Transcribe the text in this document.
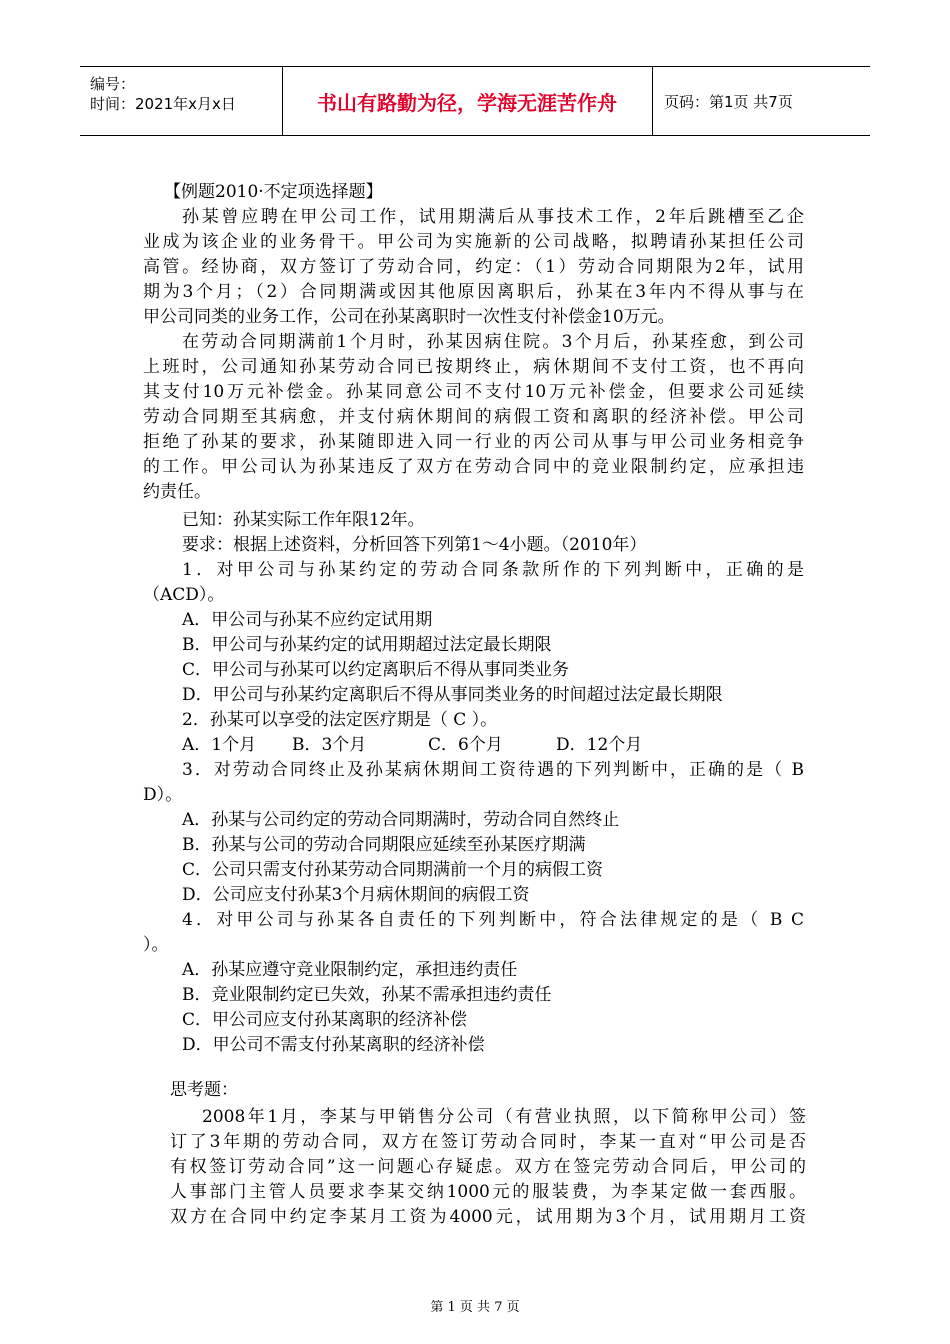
编号：
时间：2021年x月x日	书山有路勤为径，学海无涯苦作舟	页码：第1页 共7页
【例题2010·不定项选择题】
孙某曾应聘在甲公司工作，试用期满后从事技术工作，2年后跳槽至乙企
业成为该企业的业务骨干。甲公司为实施新的公司战略，拟聘请孙某担任公司
高管。经协商，双方签订了劳动合同，约定：（1）劳动合同期限为2年，试用
期为3个月；（2）合同期满或因其他原因离职后，孙某在3年内不得从事与在
甲公司同类的业务工作，公司在孙某离职时一次性支付补偿金10万元。
在劳动合同期满前1个月时，孙某因病住院。3个月后，孙某痊愈，到公司
上班时，公司通知孙某劳动合同已按期终止，病休期间不支付工资，也不再向
其支付10万元补偿金。孙某同意公司不支付10万元补偿金，但要求公司延续
劳动合同期至其病愈，并支付病休期间的病假工资和离职的经济补偿。甲公司
拒绝了孙某的要求，孙某随即进入同一行业的丙公司从事与甲公司业务相竞争
的工作。甲公司认为孙某违反了双方在劳动合同中的竞业限制约定，应承担违
约责任。
已知：孙某实际工作年限12年。
要求：根据上述资料，分析回答下列第1～4小题。（2010年）
1．对甲公司与孙某约定的劳动合同条款所作的下列判断中，正确的是
（ACD）。
A．甲公司与孙某不应约定试用期
B．甲公司与孙某约定的试用期超过法定最长期限
C．甲公司与孙某可以约定离职后不得从事同类业务
D．甲公司与孙某约定离职后不得从事同类业务的时间超过法定最长期限
2．孙某可以享受的法定医疗期是（ C ）。
A．1个月 B．3个月	C．6个月	D．12个月
3．对劳动合同终止及孙某病休期间工资待遇的下列判断中，正确的是（ B
D）。
A．孙某与公司约定的劳动合同期满时，劳动合同自然终止
B．孙某与公司的劳动合同期限应延续至孙某医疗期满
C．公司只需支付孙某劳动合同期满前一个月的病假工资
D．公司应支付孙某3个月病休期间的病假工资
4．对甲公司与孙某各自责任的下列判断中，符合法律规定的是（ B C
）。
A．孙某应遵守竞业限制约定，承担违约责任
B．竞业限制约定已失效，孙某不需承担违约责任
C．甲公司应支付孙某离职的经济补偿
D．甲公司不需支付孙某离职的经济补偿
思考题：
2008年1月，李某与甲销售分公司（有营业执照，以下简称甲公司）签
订了3年期的劳动合同，双方在签订劳动合同时，李某一直对“甲公司是否
有权签订劳动合同”这一问题心存疑虑。双方在签完劳动合同后，甲公司的
人事部门主管人员要求李某交纳1000元的服装费，为李某定做一套西服。
双方在合同中约定李某月工资为4000元，试用期为3个月，试用期月工资
第 1 页 共 7 页
